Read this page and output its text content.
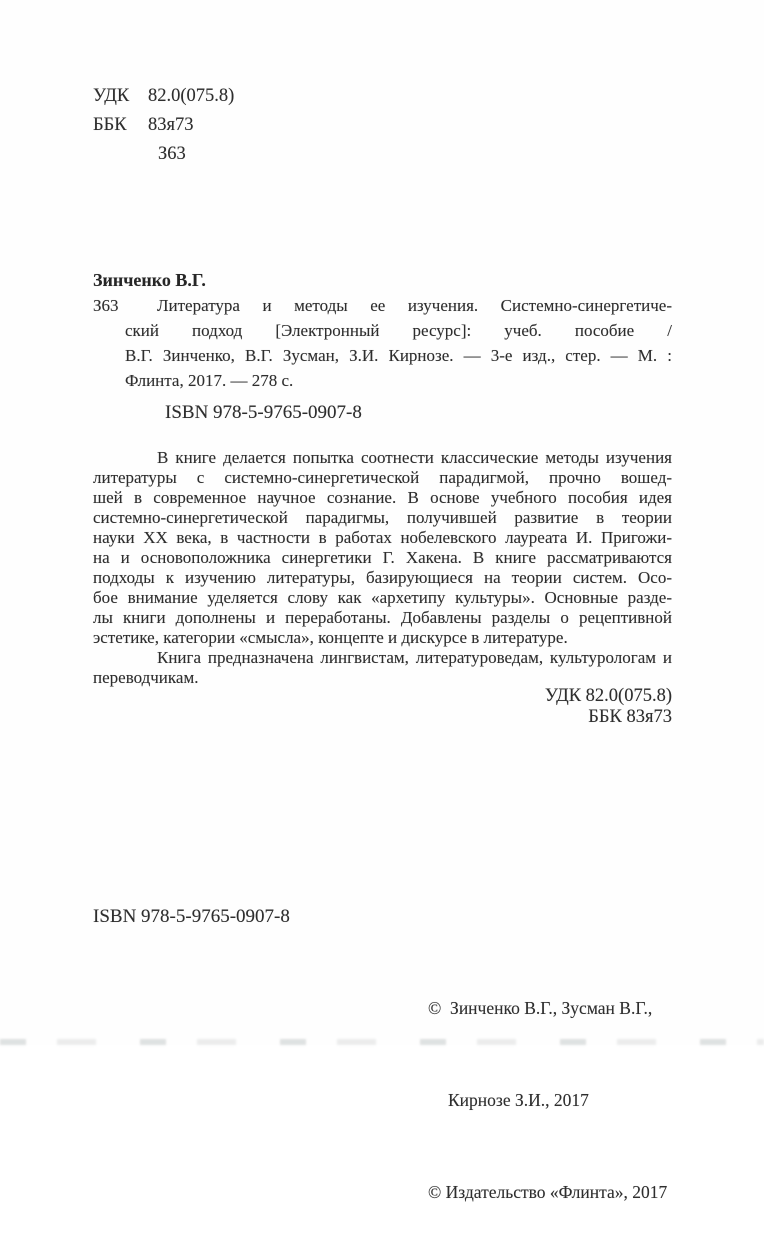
УДК	82.0(075.8)
ББК	83я73
З63
Зинченко В.Г.
З63	Литература и методы ее изучения. Системно-синергетиче-
ский подход [Электронный ресурс]: учеб. пособие /
В.Г. Зинченко, В.Г. Зусман, З.И. Кирнозе. — 3-е изд., стер. — М. :
Флинта, 2017. — 278 с.
ISBN 978-5-9765-0907-8
В книге делается попытка соотнести классические методы изучения
литературы с системно-синергетической парадигмой, прочно вошед-
шей в современное научное сознание. В основе учебного пособия идея
системно-синергетической парадигмы, получившей развитие в теории
науки XX века, в частности в работах нобелевского лауреата И. Пригожи-
на и основоположника синергетики Г. Хакена. В книге рассматриваются
подходы к изучению литературы, базирующиеся на теории систем. Осо-
бое внимание уделяется слову как «архетипу культуры». Основные разде-
лы книги дополнены и переработаны. Добавлены разделы о рецептивной
эстетике, категории «смысла», концепте и дискурсе в литературе.
Книга предназначена лингвистам, литературоведам, культурологам и
переводчикам.
УДК 82.0(075.8)
ББК 83я73
ISBN 978-5-9765-0907-8

©  Зинченко В.Г., Зусман В.Г.,

Кирнозе З.И., 2017

© Издательство «Флинта», 2017
